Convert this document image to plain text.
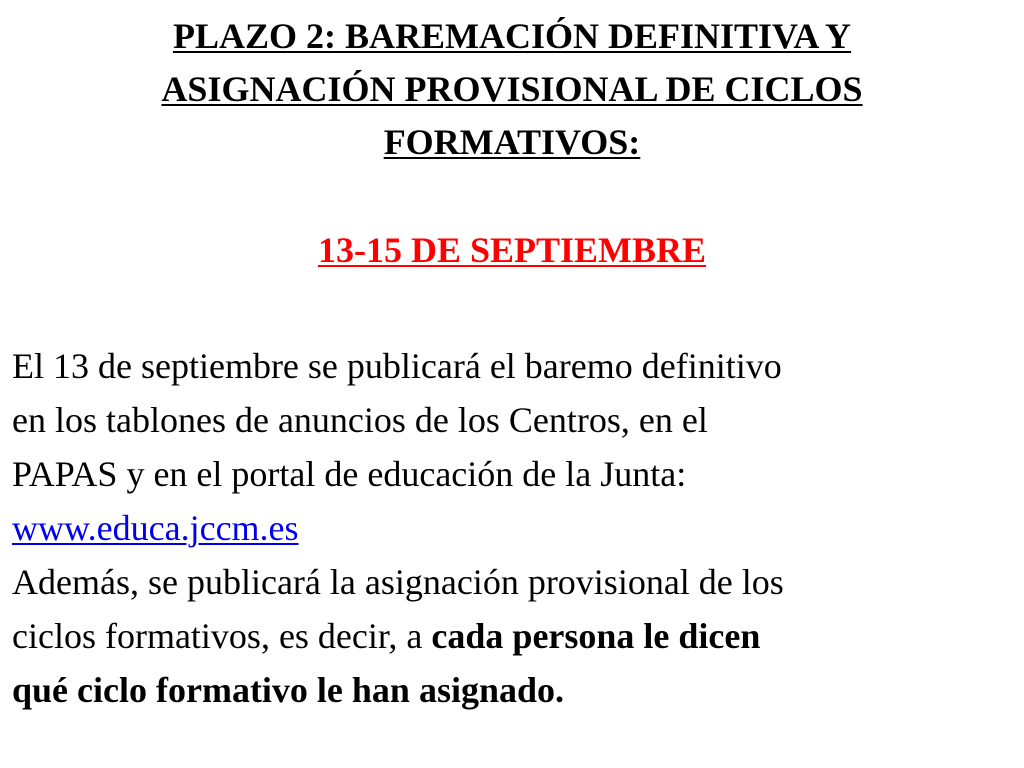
PLAZO 2: BAREMACIÓN DEFINITIVA Y
ASIGNACIÓN PROVISIONAL DE CICLOS
FORMATIVOS:
13-15 DE SEPTIEMBRE
El 13 de septiembre se publicará el baremo definitivo
en los tablones de anuncios de los Centros, en el
PAPAS y en el portal de educación de la Junta:
www.educa.jccm.es
Además, se publicará la asignación provisional de los
ciclos formativos, es decir, a cada persona le dicen
qué ciclo formativo le han asignado.
